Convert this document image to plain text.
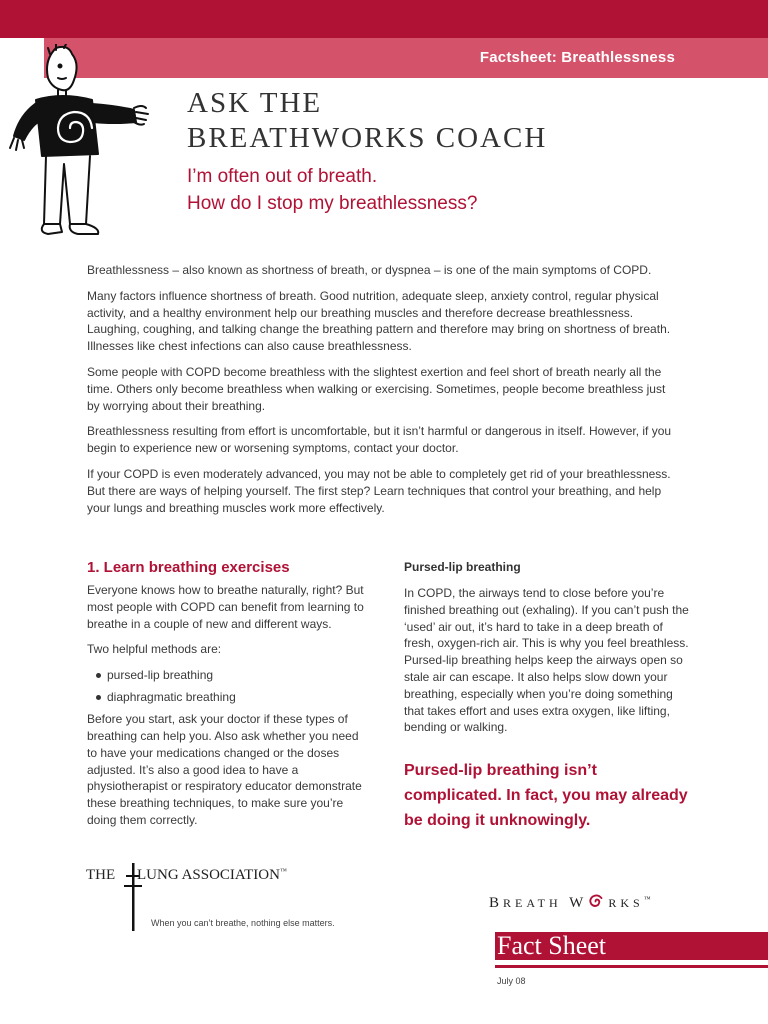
Factsheet: Breathlessness
ASK THE
BREATHWORKS COACH
I’m often out of breath.
How do I stop my breathlessness?

Breathlessness – also known as shortness of breath, or dyspnea – is one of the main symptoms of COPD.

Many factors influence shortness of breath. Good nutrition, adequate sleep, anxiety control, regular physical activity, and a healthy environment help our breathing muscles and therefore decrease breathlessness. Laughing, coughing, and talking change the breathing pattern and therefore may bring on shortness of breath. Illnesses like chest infections can also cause breathlessness.

Some people with COPD become breathless with the slightest exertion and feel short of breath nearly all the time. Others only become breathless when walking or exercising. Sometimes, people become breathless just by worrying about their breathing.

Breathlessness resulting from effort is uncomfortable, but it isn’t harmful or dangerous in itself. However, if you begin to experience new or worsening symptoms, contact your doctor.

If your COPD is even moderately advanced, you may not be able to completely get rid of your breathlessness. But there are ways of helping yourself. The first step? Learn techniques that control your breathing, and help your lungs and breathing muscles work more effectively.

1. Learn breathing exercises

Everyone knows how to breathe naturally, right? But most people with COPD can benefit from learning to breathe in a couple of new and different ways.

Two helpful methods are:

pursed-lip breathing
diaphragmatic breathing

Before you start, ask your doctor if these types of breathing can help you. Also ask whether you need to have your medications changed or the doses adjusted. It’s also a good idea to have a physiotherapist or respiratory educator demonstrate these breathing techniques, to make sure you’re doing them correctly.

Pursed-lip breathing

In COPD, the airways tend to close before you’re finished breathing out (exhaling). If you can’t push the ‘used’ air out, it’s hard to take in a deep breath of fresh, oxygen-rich air. This is why you feel breathless. Pursed-lip breathing helps keep the airways open so stale air can escape. It also helps slow down your breathing, especially when you’re doing something that takes effort and uses extra oxygen, like lifting, bending or walking.

Pursed-lip breathing isn’t complicated. In fact, you may already be doing it unknowingly.
THE LUNG ASSOCIATION™
When you can’t breathe, nothing else matters.
BREATH W RKS™
Fact Sheet
July 08
